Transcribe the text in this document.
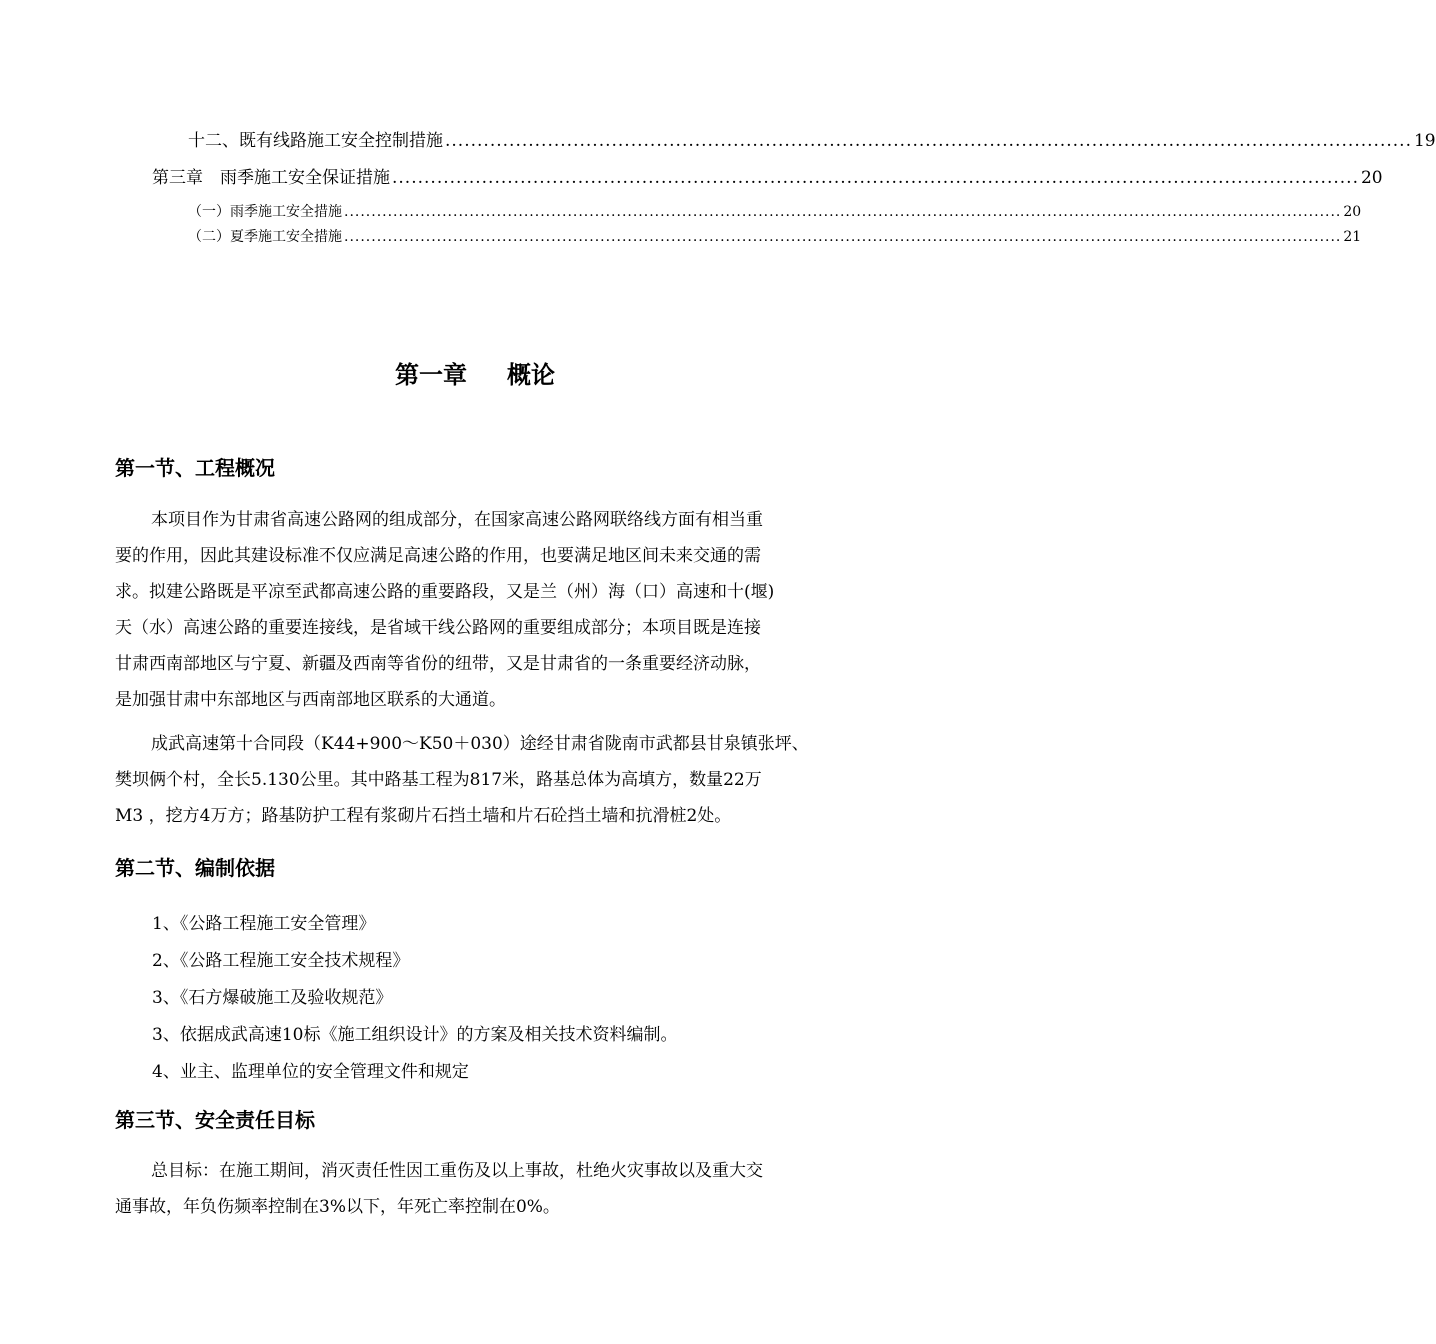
十二、既有线路施工安全控制措施 ....................................................................................................................................................... 19
第三章　雨季施工安全保证措施 ....................................................................................................................................................... 20
（一）雨季施工安全措施 ....................................................................................................................................................................................... 20
（二）夏季施工安全措施 ....................................................................................................................................................................................... 21
第一章 概论
第一节、工程概况
本项目作为甘肃省高速公路网的组成部分，在国家高速公路网联络线方面有相当重
要的作用，因此其建设标准不仅应满足高速公路的作用，也要满足地区间未来交通的需
求。拟建公路既是平凉至武都高速公路的重要路段，又是兰（州）海（口）高速和十(堰)
天（水）高速公路的重要连接线，是省域干线公路网的重要组成部分；本项目既是连接
甘肃西南部地区与宁夏、新疆及西南等省份的纽带，又是甘肃省的一条重要经济动脉，
是加强甘肃中东部地区与西南部地区联系的大通道。
成武高速第十合同段（K44+900～K50＋030）途经甘肃省陇南市武都县甘泉镇张坪、
樊坝俩个村，全长5.130公里。其中路基工程为817米，路基总体为高填方，数量22万
M3 ，挖方4万方；路基防护工程有浆砌片石挡土墙和片石砼挡土墙和抗滑桩2处。
第二节、编制依据
1、《公路工程施工安全管理》
2、《公路工程施工安全技术规程》
3、《石方爆破施工及验收规范》
3、依据成武高速10标《施工组织设计》的方案及相关技术资料编制。
4、业主、监理单位的安全管理文件和规定
第三节、安全责任目标
总目标：在施工期间，消灭责任性因工重伤及以上事故，杜绝火灾事故以及重大交
通事故，年负伤频率控制在3%以下，年死亡率控制在0%。
